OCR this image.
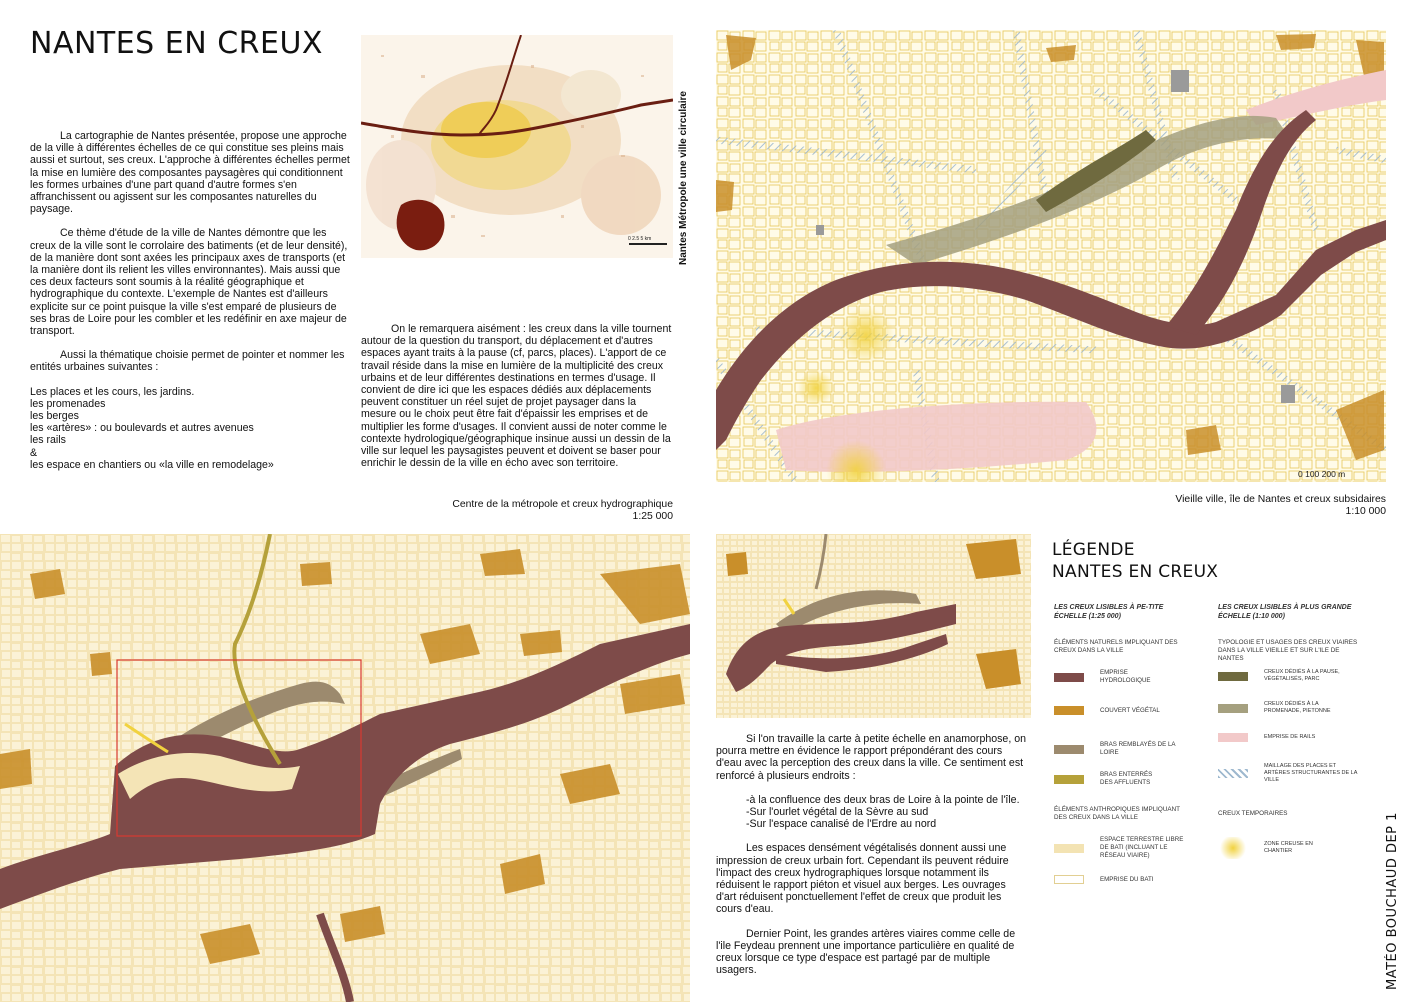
NANTES EN CREUX

La cartographie de Nantes présentée, propose une approche de la ville à différentes échelles de ce qui constitue ses pleins mais aussi et surtout, ses creux. L'approche à différentes échelles permet la mise en lumière des composantes paysagères qui conditionnent les formes urbaines d'une part quand d'autre formes s'en affranchissent ou agissent sur les composantes naturelles du paysage.

Ce thème d'étude de la ville de Nantes démontre que les creux de la ville sont le corrolaire des batiments (et de leur densité), de la manière dont sont axées les principaux axes de transports (et la manière dont ils relient les villes environnantes). Mais aussi que ces deux facteurs sont soumis à la réalité géographique et hydrographique du contexte. L'exemple de Nantes est d'ailleurs explicite sur ce point puisque la ville s'est emparé de plusieurs de ses bras de Loire pour les combler et les redéfinir en axe majeur de transport.

Aussi la thématique choisie permet de pointer et nommer les entités urbaines suivantes :

Les places et les cours, les jardins.
les promenades
les berges
les «artères» : ou boulevards et autres avenues
les rails
&
les espace en chantiers ou «la ville en remodelage»
On le remarquera aisément : les creux dans la ville tournent autour de la question du transport, du déplacement et d'autres espaces ayant traits à la pause (cf, parcs, places). L'apport de ce travail réside dans la mise en lumière de la multiplicité des creux urbains et de leur différentes destinations en termes d'usage. Il convient de dire ici que les espaces dédiés aux déplacements peuvent constituer un réel sujet de projet paysager dans la mesure ou le choix peut être fait d'épaissir les emprises et de multiplier les forme d'usages. Il convient aussi de noter comme le contexte hydrologique/géographique insinue aussi un dessin de la ville sur lequel les paysagistes peuvent et doivent se baser pour enrichir le dessin de la ville en écho avec son territoire.
0 2.5 5 km	Nantes Métropole une ville circulaire
Centre de la métropole et creux hydrographique
1:25 000
0 100 200 m
Vieille ville, île de Nantes et creux subsidaires
1:10 000

Si l'on travaille la carte à petite échelle en anamorphose, on pourra mettre en évidence le rapport prépondérant des cours d'eau avec la perception des creux dans la ville. Ce sentiment est renforcé à plusieurs endroits :

-à la confluence des deux bras de Loire à la pointe de l'île.
-Sur l'ourlet végétal de la Sèvre au sud
-Sur l'espace canalisé de l'Erdre au nord

Les espaces densément végétalisés donnent aussi une impression de creux urbain fort. Cependant ils peuvent réduire l'impact des creux hydrographiques lorsque notamment ils réduisent le rapport piéton et visuel aux berges. Les ouvrages d'art réduisent ponctuellement l'effet de creux que produit les cours d'eau.

Dernier Point, les grandes artères viaires comme celle de l'ile Feydeau prennent une importance particulière en qualité de creux lorsque ce type d'espace est partagé par de multiple usagers.

LÉGENDE
NANTES EN CREUX
LES CREUX LISIBLES À PE-TITE ÉCHELLE (1:25 000)
ÉLÉMENTS NATURELS IMPLIQUANT DES CREUX DANS LA VILLE
EMPRISE HYDROLOGIQUE
COUVERT VÉGÉTAL
BRAS REMBLAYÉS DE LA LOIRE
BRAS ENTERRÉS DES AFFLUENTS
ÉLÉMENTS ANTHROPIQUES IMPLIQUANT DES CREUX DANS LA VILLE
ESPACE TERRESTRE LIBRE DE BATI (INCLUANT LE RÉSEAU VIAIRE)
EMPRISE DU BATI
LES CREUX LISIBLES À PLUS GRANDE ÉCHELLE (1:10 000)
TYPOLOGIE ET USAGES DES CREUX VIAIRES DANS LA VILLE VIEILLE ET SUR L'ILE DE NANTES
CREUX DÉDIÉS À LA PAUSE, VÉGÉTALISÉS, PARC
CREUX DÉDIÉS À LA PROMENADE, PIETONNE
EMPRISE DE RAILS
MAILLAGE DES PLACES ET ARTÈRES STRUCTURANTES DE LA VILLE
CREUX TEMPORAIRES
ZONE CREUSE EN CHANTIER	MATÉO BOUCHAUD DEP 1
